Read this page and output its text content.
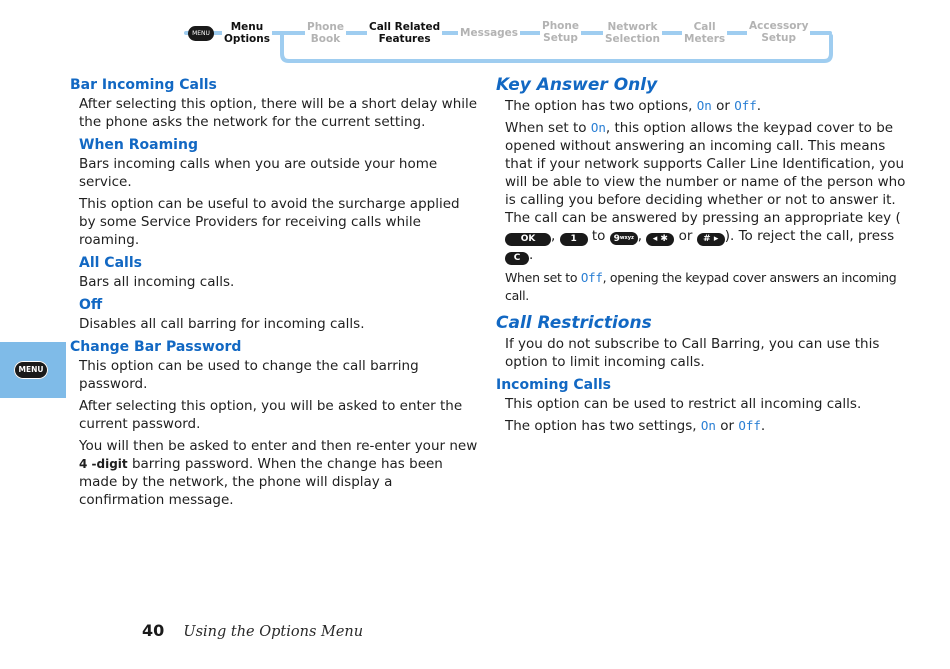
MENU
Menu
Options
Phone
Book
Call Related
Features	Messages
Phone
Setup
Network
Selection
Call
Meters
Accessory
Setup
MENU
Bar Incoming Calls

After selecting this option, there will be a short delay while the phone asks the network for the current setting.

When Roaming

Bars incoming calls when you are outside your home service.

This option can be useful to avoid the surcharge applied by some Service Providers for receiving calls while roaming.

All Calls

Bars all incoming calls.

Off

Disables all call barring for incoming calls.

Change Bar Password

This option can be used to change the call barring password.

After selecting this option, you will be asked to enter the current password.

You will then be asked to enter and then re-enter your new
4 -digit barring password. When the change has been made by the network, the phone will display a confirmation message.

Key Answer Only

The option has two options, On or Off.

When set to On, this option allows the keypad cover to be opened without answering an incoming call. This means that if your network supports Caller Line Identification, you will be able to view the number or name of the person who is calling you before deciding whether or not to answer it. The call can be answered by pressing an appropriate key ( OK , 1 to $9_{wxyz}$ , ◂ ✱ or # ▸ ). To reject the call, press C .

When set to Off, opening the keypad cover answers an incoming call.

Call Restrictions

If you do not subscribe to Call Barring, you can use this option to limit incoming calls.

Incoming Calls

This option can be used to restrict all incoming calls.

The option has two settings, On or Off.

40 Using the Options Menu
